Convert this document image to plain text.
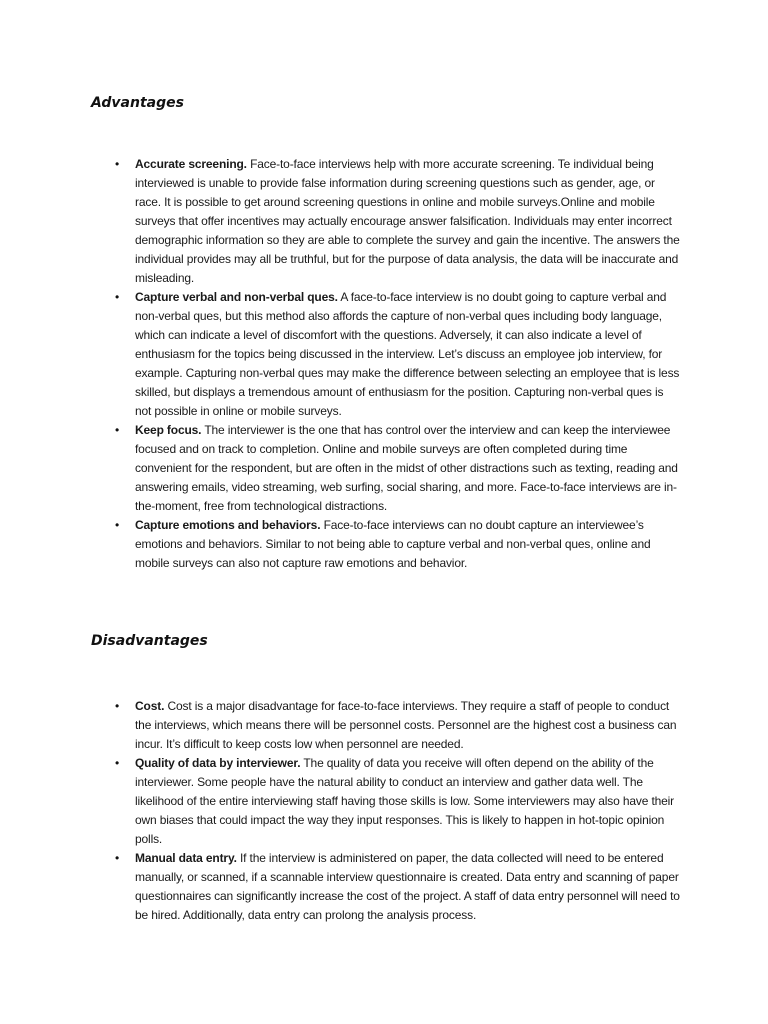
Advantages
• Accurate screening. Face-to-face interviews help with more accurate screening. Te individual being interviewed is unable to provide false information during screening questions such as gender, age, or race. It is possible to get around screening questions in online and mobile surveys.Online and mobile surveys that offer incentives may actually encourage answer falsification. Individuals may enter incorrect demographic information so they are able to complete the survey and gain the incentive. The answers the individual provides may all be truthful, but for the purpose of data analysis, the data will be inaccurate and misleading.
• Capture verbal and non-verbal ques. A face-to-face interview is no doubt going to capture verbal and non-verbal ques, but this method also affords the capture of non-verbal ques including body language, which can indicate a level of discomfort with the questions. Adversely, it can also indicate a level of enthusiasm for the topics being discussed in the interview. Let’s discuss an employee job interview, for example. Capturing non-verbal ques may make the difference between selecting an employee that is less skilled, but displays a tremendous amount of enthusiasm for the position. Capturing non-verbal ques is not possible in online or mobile surveys.
• Keep focus. The interviewer is the one that has control over the interview and can keep the interviewee focused and on track to completion. Online and mobile surveys are often completed during time convenient for the respondent, but are often in the midst of other distractions such as texting, reading and answering emails, video streaming, web surfing, social sharing, and more. Face-to-face interviews are in-the-moment, free from technological distractions.
• Capture emotions and behaviors. Face-to-face interviews can no doubt capture an interviewee’s emotions and behaviors. Similar to not being able to capture verbal and non-verbal ques, online and mobile surveys can also not capture raw emotions and behavior.
Disadvantages
• Cost. Cost is a major disadvantage for face-to-face interviews. They require a staff of people to conduct the interviews, which means there will be personnel costs. Personnel are the highest cost a business can incur. It’s difficult to keep costs low when personnel are needed.
• Quality of data by interviewer. The quality of data you receive will often depend on the ability of the interviewer. Some people have the natural ability to conduct an interview and gather data well. The likelihood of the entire interviewing staff having those skills is low. Some interviewers may also have their own biases that could impact the way they input responses. This is likely to happen in hot-topic opinion polls.
• Manual data entry. If the interview is administered on paper, the data collected will need to be entered manually, or scanned, if a scannable interview questionnaire is created. Data entry and scanning of paper questionnaires can significantly increase the cost of the project. A staff of data entry personnel will need to be hired. Additionally, data entry can prolong the analysis process.
